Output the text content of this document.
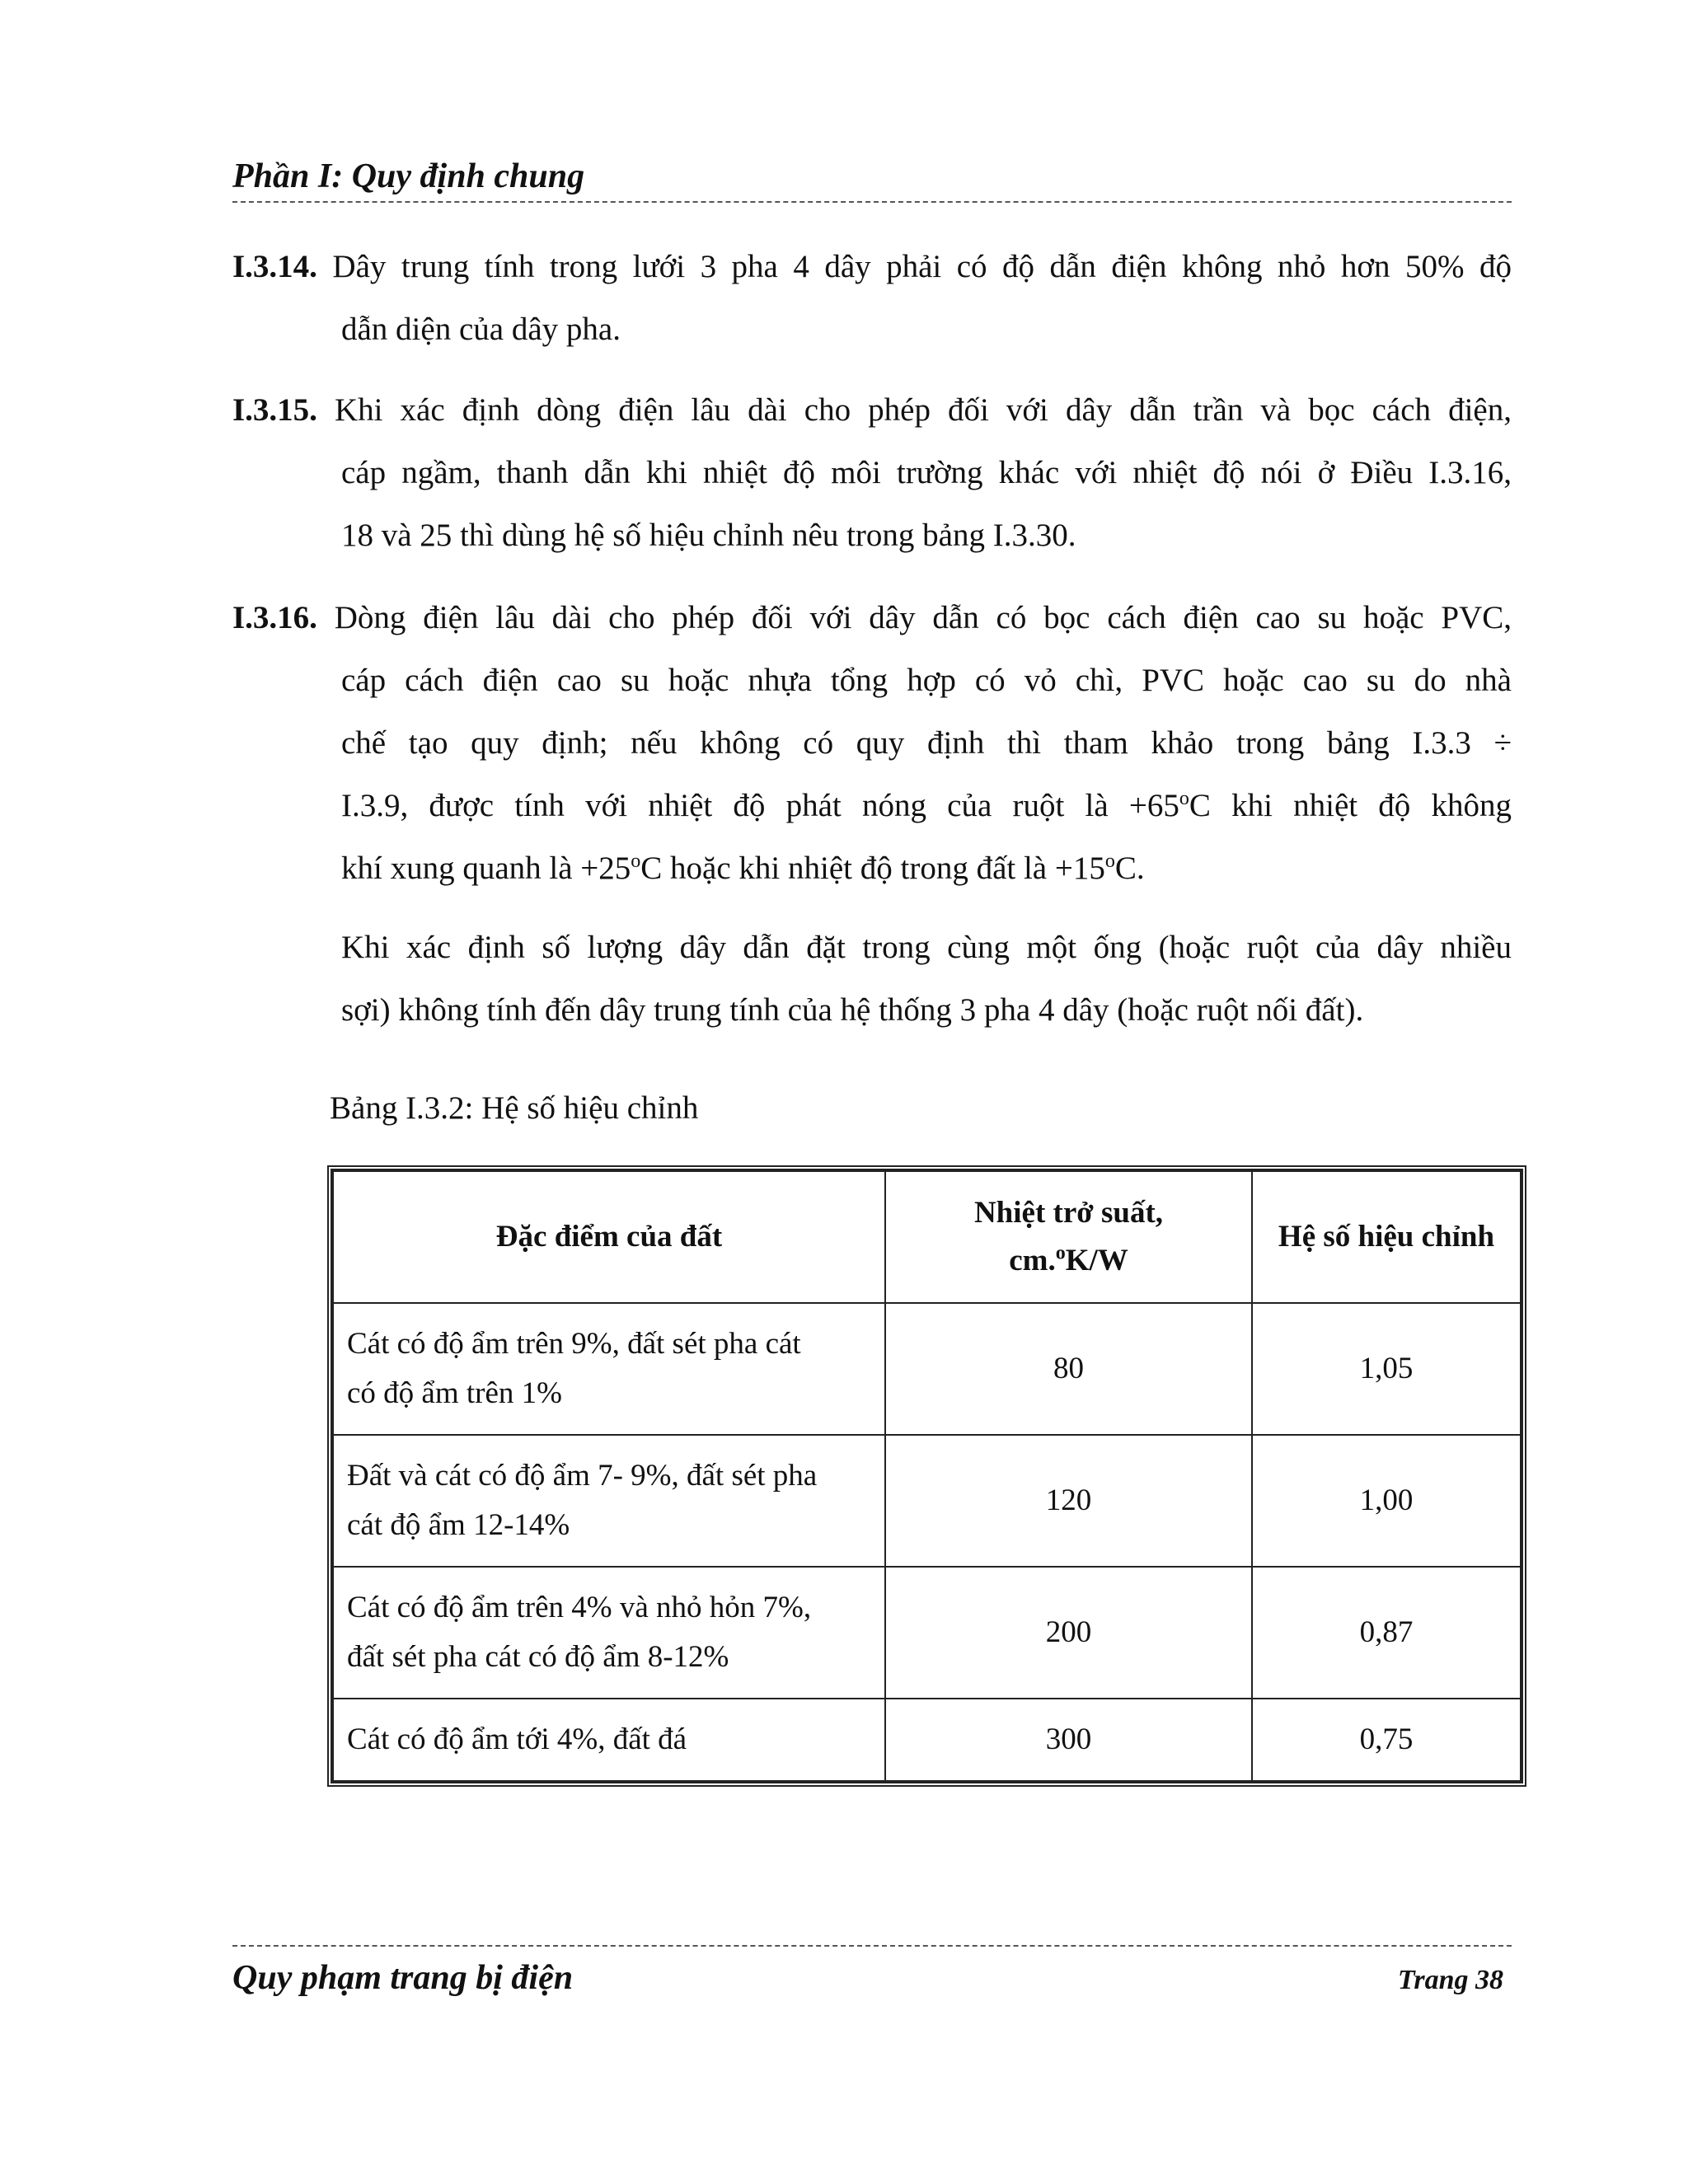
Phần I: Quy định chung
I.3.14. Dây trung tính trong lưới 3 pha 4 dây phải có độ dẫn điện không nhỏ hơn 50% độ
dẫn diện của dây pha.
I.3.15. Khi xác định dòng điện lâu dài cho phép đối với dây dẫn trần và bọc cách điện,
cáp ngầm, thanh dẫn khi nhiệt độ môi trường khác với nhiệt độ nói ở Điều I.3.16,
18 và 25 thì dùng hệ số hiệu chỉnh nêu trong bảng I.3.30.
I.3.16. Dòng điện lâu dài cho phép đối với dây dẫn có bọc cách điện cao su hoặc PVC,
cáp cách điện cao su hoặc nhựa tổng hợp có vỏ chì, PVC hoặc cao su do nhà
chế tạo quy định; nếu không có quy định thì tham khảo trong bảng I.3.3 ÷
I.3.9, được tính với nhiệt độ phát nóng của ruột là $+65^oC$ khi nhiệt độ không
khí xung quanh là $+25^oC$ hoặc khi nhiệt độ trong đất là $+15^oC$.
Khi xác định số lượng dây dẫn đặt trong cùng một ống (hoặc ruột của dây nhiều
sợi) không tính đến dây trung tính của hệ thống 3 pha 4 dây (hoặc ruột nối đất).
Bảng I.3.2: Hệ số hiệu chỉnh
Đặc điểm của đất	Nhiệt trở suất,
cm.$^o$K/W	Hệ số hiệu chỉnh
Cát có độ ẩm trên 9%, đất sét pha cát
có độ ẩm trên 1%	80	1,05
Đất và cát có độ ẩm 7- 9%, đất sét pha
cát độ ẩm 12-14%	120	1,00
Cát có độ ẩm trên 4% và nhỏ hỏn 7%,
đất sét pha cát có độ ẩm 8-12%	200	0,87
Cát có độ ẩm tới 4%, đất đá	300	0,75
Quy phạm trang bị điện	Trang 38
